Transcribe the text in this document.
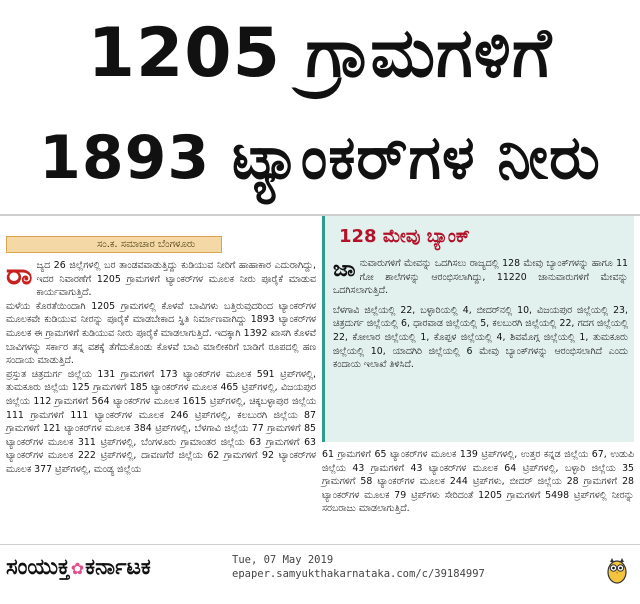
1205 ಗ್ರಾಮಗಳಿಗೆ
1893 ಟ್ಯಾಂಕರ್‌ಗಳ ನೀರು
ಸಂ.ಕ. ಸಮಾಚಾರ ಬೆಂಗಳೂರು
ರಾ ಜ್ಯದ 26 ಜಿಲ್ಲೆಗಳಲ್ಲಿ ಬರ ತಾಂಡವವಾಡುತ್ತಿದ್ದು ಕುಡಿಯುವ ನೀರಿಗೆ ಹಾಹಾಕಾರ ಎದುರಾಗಿದ್ದು, ಇದರ ನಿವಾರಣೆಗೆ 1205 ಗ್ರಾಮಗಳಿಗೆ ಟ್ಯಾಂಕರ್‌ಗಳ ಮೂಲಕ ನೀರು ಪೂರೈಕೆ ಮಾಡುವ ಕಾರ್ಯವಾಗುತ್ತಿದೆ.
ಮಳೆಯ ಕೊರತೆಯಿಂದಾಗಿ 1205 ಗ್ರಾಮಗಳಲ್ಲಿ ಕೊಳವೆ ಬಾವಿಗಳು ಬತ್ತಿರುವುದರಿಂದ ಟ್ಯಾಂಕರ್‌ಗಳ ಮೂಲಕವೇ ಕುಡಿಯುವ ನೀರನ್ನು ಪೂರೈಕೆ ಮಾಡಬೇಕಾದ ಸ್ಥಿತಿ ನಿರ್ಮಾಣವಾಗಿದ್ದು 1893 ಟ್ಯಾಂಕರ್‌ಗಳ ಮೂಲಕ ಈ ಗ್ರಾಮಗಳಿಗೆ ಕುಡಿಯುವ ನೀರು ಪೂರೈಕೆ ಮಾಡಲಾಗುತ್ತಿದೆ. ಇದಕ್ಕಾಗಿ 1392 ಖಾಸಗಿ ಕೊಳವೆ ಬಾವಿಗಳನ್ನು ಸರ್ಕಾರ ತನ್ನ ವಶಕ್ಕೆ ತೆಗೆದುಕೊಂಡು ಕೊಳವೆ ಬಾವಿ ಮಾಲೀಕರಿಗೆ ಬಾಡಿಗೆ ರೂಪದಲ್ಲಿ ಹಣ ಸಂದಾಯ ಮಾಡುತ್ತಿದೆ.
ಪ್ರಸ್ತುತ ಚಿತ್ರದುರ್ಗ ಜಿಲ್ಲೆಯ 131 ಗ್ರಾಮಗಳಿಗೆ 173 ಟ್ಯಾಂಕರ್‌ಗಳ ಮೂಲಕ 591 ಟ್ರಿಪ್‌ಗಳಲ್ಲಿ, ತುಮಕೂರು ಜಿಲ್ಲೆಯ 125 ಗ್ರಾಮಗಳಿಗೆ 185 ಟ್ಯಾಂಕರ್‌ಗಳ ಮೂಲಕ 465 ಟ್ರಿಪ್‌ಗಳಲ್ಲಿ, ವಿಜಯಪುರ ಜಿಲ್ಲೆಯ 112 ಗ್ರಾಮಗಳಿಗೆ 564 ಟ್ಯಾಂಕರ್‌ಗಳ ಮೂಲಕ 1615 ಟ್ರಿಪ್‌ಗಳಲ್ಲಿ, ಚಿಕ್ಕಬಳ್ಳಾಪುರ ಜಿಲ್ಲೆಯ 111 ಗ್ರಾಮಗಳಿಗೆ 111 ಟ್ಯಾಂಕರ್‌ಗಳ ಮೂಲಕ 246 ಟ್ರಿಪ್‌ಗಳಲ್ಲಿ, ಕಲಬುರಗಿ ಜಿಲ್ಲೆಯ 87 ಗ್ರಾಮಗಳಿಗೆ 121 ಟ್ಯಾಂಕರ್‌ಗಳ ಮೂಲಕ 384 ಟ್ರಿಪ್‌ಗಳಲ್ಲಿ, ಬೆಳಗಾವಿ ಜಿಲ್ಲೆಯ 77 ಗ್ರಾಮಗಳಿಗೆ 85 ಟ್ಯಾಂಕರ್‌ಗಳ ಮೂಲಕ 311 ಟ್ರಿಪ್‌ಗಳಲ್ಲಿ, ಬೆಂಗಳೂರು ಗ್ರಾಮಾಂತರ ಜಿಲ್ಲೆಯ 63 ಗ್ರಾಮಗಳಿಗೆ 63 ಟ್ಯಾಂಕರ್‌ಗಳ ಮೂಲಕ 222 ಟ್ರಿಪ್‌ಗಳಲ್ಲಿ, ದಾವಣಗೆರೆ ಜಿಲ್ಲೆಯ 62 ಗ್ರಾಮಗಳಿಗೆ 92 ಟ್ಯಾಂಕರ್‌ಗಳ ಮೂಲಕ 377 ಟ್ರಿಪ್‌ಗಳಲ್ಲಿ, ಮಂಡ್ಯ ಜಿಲ್ಲೆಯ
128 ಮೇವು ಬ್ಯಾಂಕ್
ಜಾ ನುವಾರುಗಳಿಗೆ ಮೇವನ್ನು ಒದಗಿಸಲು ರಾಜ್ಯದಲ್ಲಿ 128 ಮೇವು ಬ್ಯಾಂಕ್‌ಗಳನ್ನು ಹಾಗೂ 11 ಗೋ ಶಾಲೆಗಳನ್ನು ಆರಂಭಿಸಲಾಗಿದ್ದು, 11220 ಜಾನುವಾರುಗಳಿಗೆ ಮೇವನ್ನು ಒದಗಿಸಲಾಗುತ್ತಿದೆ.
ಬೆಳಗಾವಿ ಜಿಲ್ಲೆಯಲ್ಲಿ 22, ಬಳ್ಳಾರಿಯಲ್ಲಿ 4, ಬೀದರ್‌ನಲ್ಲಿ 10, ವಿಜಯಪುರ ಜಿಲ್ಲೆಯಲ್ಲಿ 23, ಚಿತ್ರದುರ್ಗ ಜಿಲ್ಲೆಯಲ್ಲಿ 6, ಧಾರವಾಡ ಜಿಲ್ಲೆಯಲ್ಲಿ 5, ಕಲಬುರಗಿ ಜಿಲ್ಲೆಯಲ್ಲಿ 22, ಗದಗ ಜಿಲ್ಲೆಯಲ್ಲಿ 22, ಕೋಲಾರ ಜಿಲ್ಲೆಯಲ್ಲಿ 1, ಕೊಪ್ಪಳ ಜಿಲ್ಲೆಯಲ್ಲಿ 4, ಶಿವಮೊಗ್ಗ ಜಿಲ್ಲೆಯಲ್ಲಿ 1, ತುಮಕೂರು ಜಿಲ್ಲೆಯಲ್ಲಿ 10, ಯಾದಗಿರಿ ಜಿಲ್ಲೆಯಲ್ಲಿ 6 ಮೇವು ಬ್ಯಾಂಕ್‌ಗಳನ್ನು ಆರಂಭಿಸಲಾಗಿದೆ ಎಂದು ಕಂದಾಯ ಇಲಾಖೆ ತಿಳಿಸಿದೆ.
61 ಗ್ರಾಮಗಳಿಗೆ 65 ಟ್ಯಾಂಕರ್‌ಗಳ ಮೂಲಕ 139 ಟ್ರಿಪ್‌ಗಳಲ್ಲಿ, ಉತ್ತರ ಕನ್ನಡ ಜಿಲ್ಲೆಯ 67, ಉಡುಪಿ ಜಿಲ್ಲೆಯ 43 ಗ್ರಾಮಗಳಿಗೆ 43 ಟ್ಯಾಂಕರ್‌ಗಳ ಮೂಲಕ 64 ಟ್ರಿಪ್‌ಗಳಲ್ಲಿ, ಬಳ್ಳಾರಿ ಜಿಲ್ಲೆಯ 35 ಗ್ರಾಮಗಳಿಗೆ 58 ಟ್ಯಾಂಕರ್‌ಗಳ ಮೂಲಕ 244 ಟ್ರಿಪ್‌ಗಳು, ಬೀದರ್ ಜಿಲ್ಲೆಯ 28 ಗ್ರಾಮಗಳಿಗೆ 28 ಟ್ಯಾಂಕರ್‌ಗಳ ಮೂಲಕ 79 ಟ್ರಿಪ್‌ಗಳು ಸೇರಿದಂತೆ 1205 ಗ್ರಾಮಗಳಿಗೆ 5498 ಟ್ರಿಪ್‌ಗಳಲ್ಲಿ ನೀರನ್ನು ಸರಬರಾಜು ಮಾಡಲಾಗುತ್ತಿದೆ.
ಸಂಯುಕ್ತ✿ಕರ್ನಾಟಕ	Tue, 07 May 2019
epaper.samyukthakarnataka.com/c/39184997
